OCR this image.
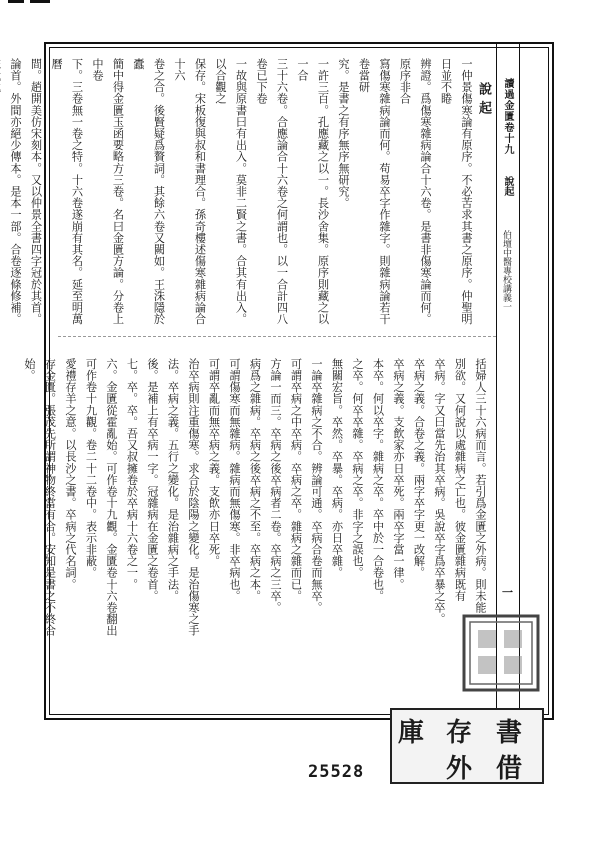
讀過金匱卷十九
說起
伯壇中醫專校講義一
一
說起
一仲景傷寒論有原序。不必苦求其書之原序。仲聖明日並不睠
辨證。爲傷寒雜病論合十六卷。是書非傷寒論而何。原序非合
寫傷寒雜病論而何。苟易卒字作雜字。則雜病論若干卷當研
究。是書之有序無序無研究。
一許三百。孔應藏之以一。長沙舍集。原序則藏之以一合
三十六卷。合應論合十六卷之何謂也。以一合計四八卷已下卷
一故與原書曰有出入。莫非二賢之書。合其有出入。以合觀之
保存。宋板復與叔和書理合。孫奇樓述傷寒雜病論合十六
卷之合。後賢疑爲贅詞。其餘六卷又闕如。王洙隱於蠹
簡中得金匱玉函要略方三卷。名曰金匱方論。分卷上中卷
下。三卷無一卷之特。十六卷遂崩有其名。延至明萬曆
間。趙開美仿宋刻本。又以仲景全書四字冠於其首。
論首。外間亦絕少傳本。是本一部。合卷逐條修補。
括婦人三十六病而言。若引爲金匱之外病。則未能
別欲。又何說以處雜病之亡也。彼金匱雜病既有
卒病。字又曰當先治其卒病。吳說卒字爲卒暴之卒。
卒病之義。合卷之義。兩字卒字更一改解。
卒病之義。支飲家亦日卒死。兩卒字當一律。
本卒。何以卒字。雜病之卒。卒中於一合卷也。
之卒。何卒卒雜。卒病之卒。非字之誤也。
無關宏旨。卒然。卒暴。卒病。亦日卒雜。
一論卒雜病之不合。辨論可通。卒病合卷而無卒。
可謂卒病之中卒病。卒病之卒。雜病之雜而已。
方論一而三。卒病之後卒病者二卷。卒病之三卒。
病爲之雜病。卒病之後卒病之不至。卒病之本。
可謂傷寒而無雜病。雜病而無傷寒。非卒病也。
可謂卒亂而無卒病之義。支飲亦日卒死。
治卒病則注重傷寒。求合於陰陽之變化。是治傷寒之手
法。卒病之義。五行之變化。是治雜病之手法。
後。是補上有卒病一字。冠雜病在金匱之卷首。
七。卒。卒。吾又叔擁卷於卒病十六卷之一。
六。金匱從霍亂始。可作卷十九觀。金匱卷十六卷翻出
可作卷十九觀。卷二十二卷中。表示非蔽。
愛禮存羊之意。以長沙之書。卒病之代名詞。
存金匱。張茂先所謂神物終當有合。安知是書之不終合
始。
庫 存 書
外 借
25528
